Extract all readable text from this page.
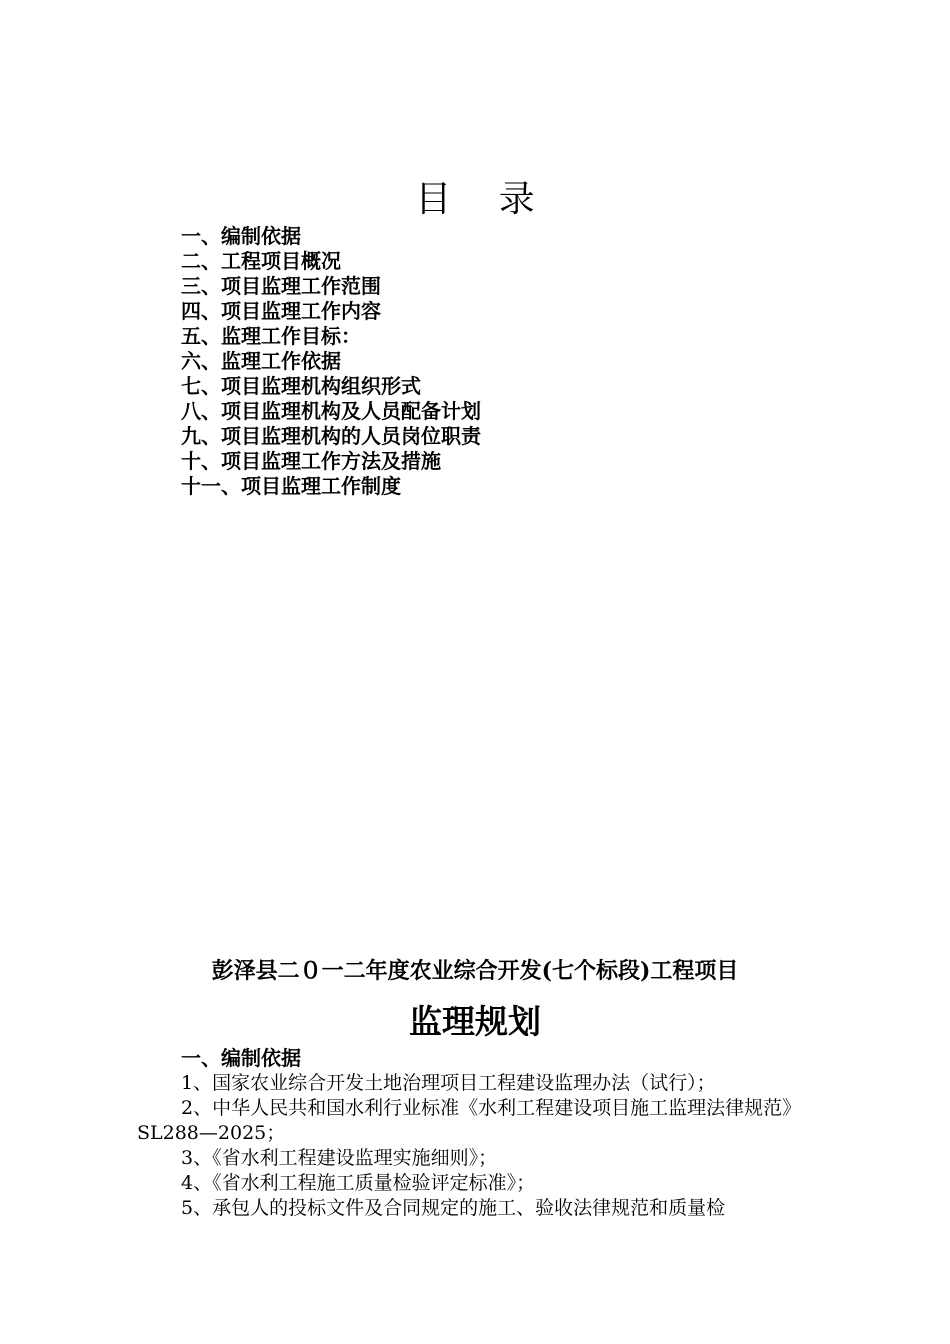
目 录
一、编制依据
二、工程项目概况
三、项目监理工作范围
四、项目监理工作内容
五、监理工作目标：
六、监理工作依据
七、项目监理机构组织形式
八、项目监理机构及人员配备计划
九、项目监理机构的人员岗位职责
十、项目监理工作方法及措施
十一、项目监理工作制度
彭泽县二０一二年度农业综合开发(七个标段)工程项目
监理规划
一、编制依据

1、国家农业综合开发土地治理项目工程建设监理办法（试行）；

2、中华人民共和国水利行业标准《水利工程建设项目施工监理法律规范》SL288—2025；

3、《省水利工程建设监理实施细则》；

4、《省水利工程施工质量检验评定标准》；

5、承包人的投标文件及合同规定的施工、验收法律规范和质量检
